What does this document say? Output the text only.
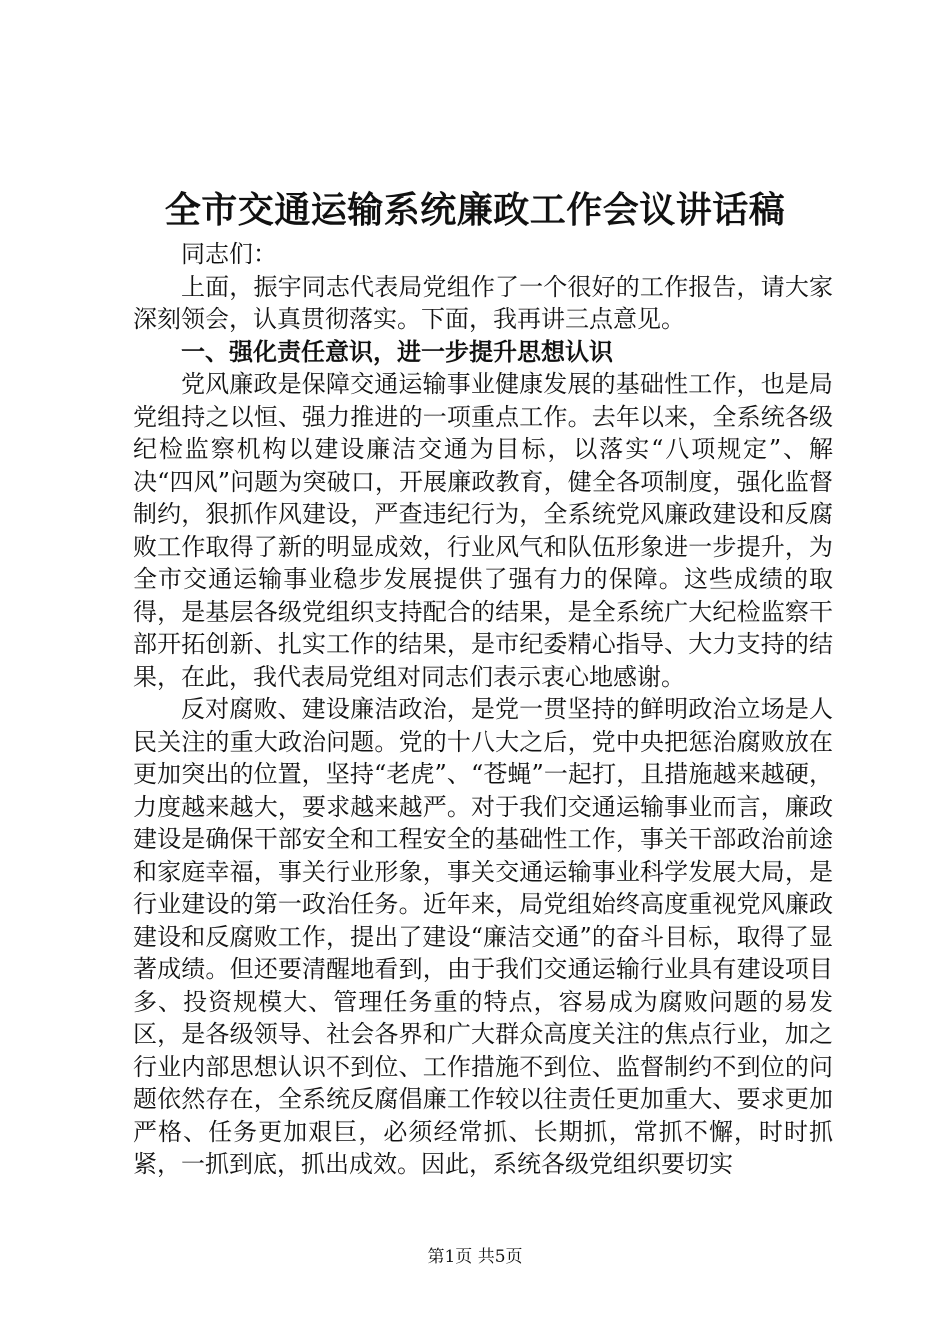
全市交通运输系统廉政工作会议讲话稿

同志们：

上面，振宇同志代表局党组作了一个很好的工作报告，请大家深刻领会，认真贯彻落实。下面，我再讲三点意见。

一、强化责任意识，进一步提升思想认识

党风廉政是保障交通运输事业健康发展的基础性工作，也是局党组持之以恒、强力推进的一项重点工作。去年以来，全系统各级纪检监察机构以建设廉洁交通为目标，以落实“八项规定”、解决“四风”问题为突破口，开展廉政教育，健全各项制度，强化监督制约，狠抓作风建设，严查违纪行为，全系统党风廉政建设和反腐败工作取得了新的明显成效，行业风气和队伍形象进一步提升，为全市交通运输事业稳步发展提供了强有力的保障。这些成绩的取得，是基层各级党组织支持配合的结果，是全系统广大纪检监察干部开拓创新、扎实工作的结果，是市纪委精心指导、大力支持的结果，在此，我代表局党组对同志们表示衷心地感谢。

反对腐败、建设廉洁政治，是党一贯坚持的鲜明政治立场是人民关注的重大政治问题。党的十八大之后，党中央把惩治腐败放在更加突出的位置，坚持“老虎”、“苍蝇”一起打，且措施越来越硬，力度越来越大，要求越来越严。对于我们交通运输事业而言，廉政建设是确保干部安全和工程安全的基础性工作，事关干部政治前途和家庭幸福，事关行业形象，事关交通运输事业科学发展大局，是行业建设的第一政治任务。近年来，局党组始终高度重视党风廉政建设和反腐败工作，提出了建设“廉洁交通”的奋斗目标，取得了显著成绩。但还要清醒地看到，由于我们交通运输行业具有建设项目多、投资规模大、管理任务重的特点，容易成为腐败问题的易发区，是各级领导、社会各界和广大群众高度关注的焦点行业，加之行业内部思想认识不到位、工作措施不到位、监督制约不到位的问题依然存在，全系统反腐倡廉工作较以往责任更加重大、要求更加严格、任务更加艰巨，必须经常抓、长期抓，常抓不懈，时时抓紧，一抓到底，抓出成效。因此，系统各级党组织要切实

第1页 共5页
